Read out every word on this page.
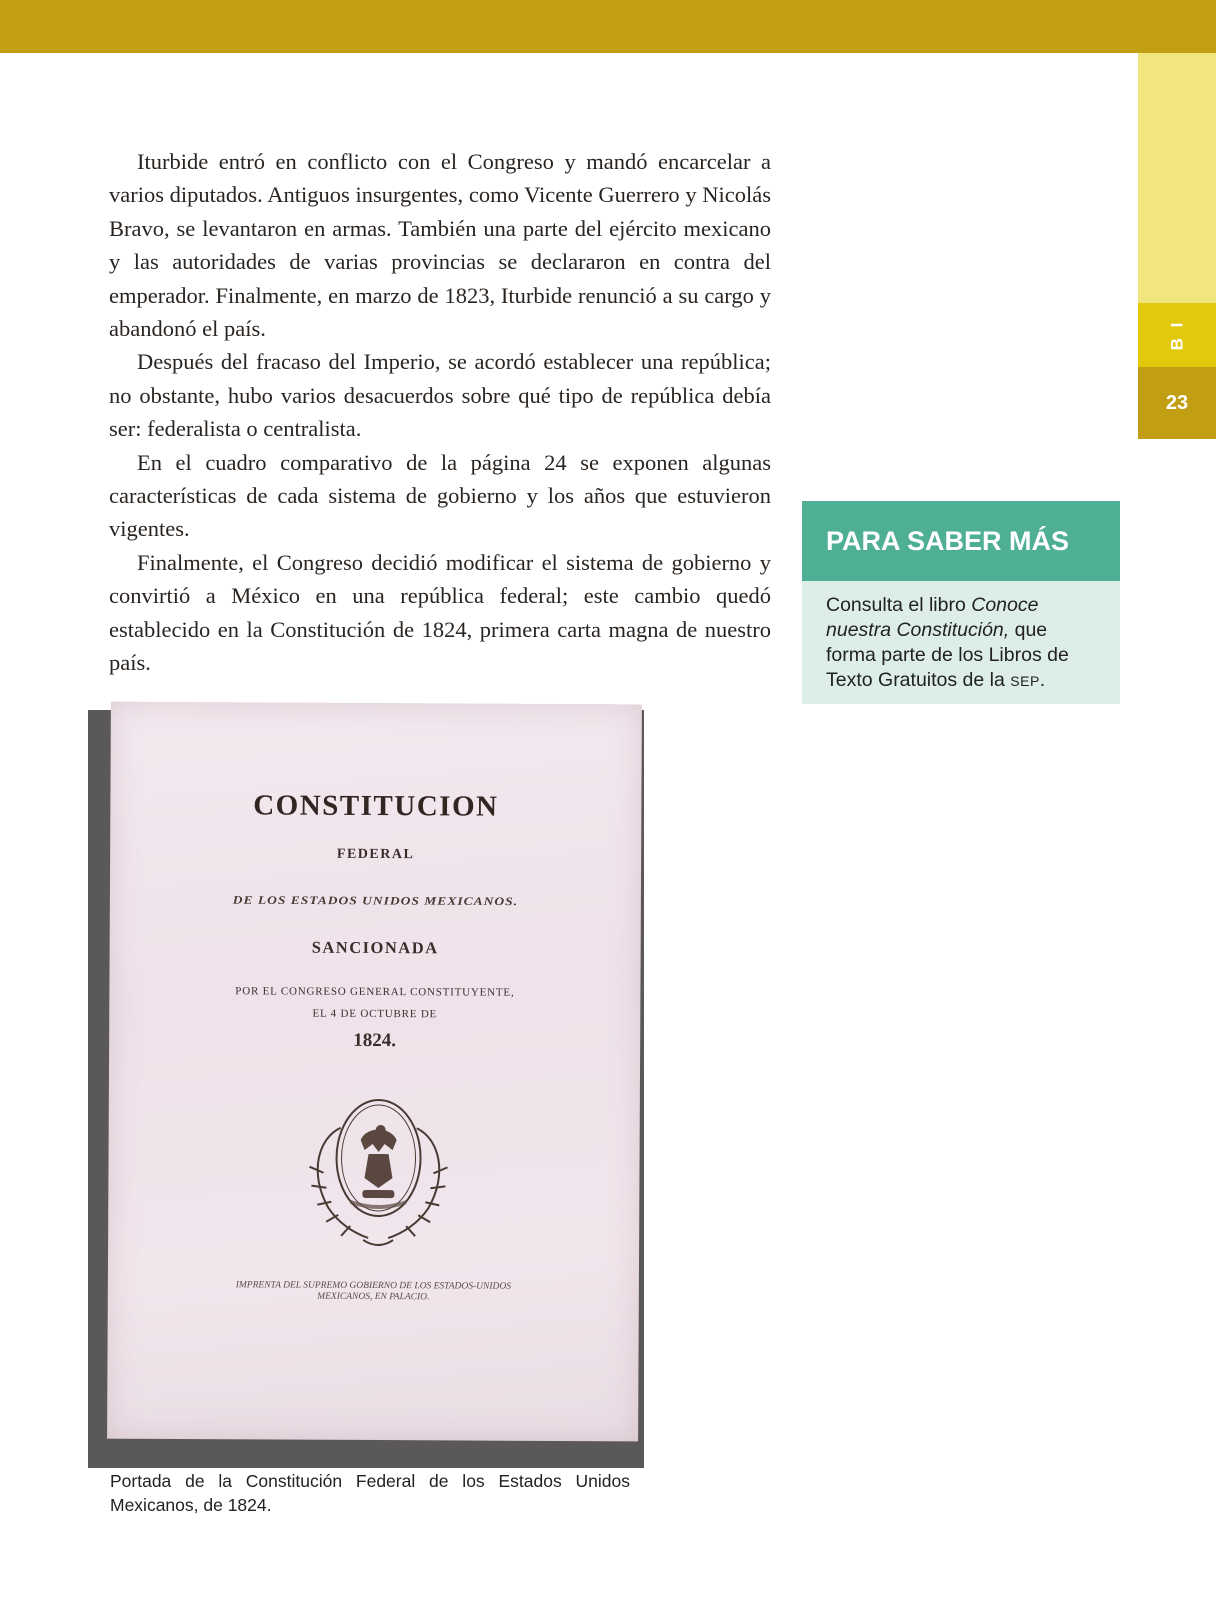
B I
23

Iturbide entró en conflicto con el Congreso y mandó encarcelar a varios diputados. Antiguos insurgentes, como Vicente Guerrero y Nicolás Bravo, se levantaron en armas. También una parte del ejército mexicano y las autoridades de varias provincias se declararon en contra del emperador. Finalmente, en marzo de 1823, Iturbide renunció a su cargo y abandonó el país.

Después del fracaso del Imperio, se acordó establecer una república; no obstante, hubo varios desacuerdos sobre qué tipo de república debía ser: federalista o centralista.

En el cuadro comparativo de la página 24 se exponen algunas características de cada sistema de gobierno y los años que estuvieron vigentes.

Finalmente, el Congreso decidió modificar el sistema de gobierno y convirtió a México en una república federal; este cambio quedó establecido en la Constitución de 1824, primera carta magna de nuestro país.

PARA SABER MÁS
Consulta el libro Conoce nuestra Constitución, que forma parte de los Libros de Texto Gratuitos de la SEP.
CONSTITUCION
FEDERAL
DE LOS ESTADOS UNIDOS MEXICANOS.
SANCIONADA
POR EL CONGRESO GENERAL CONSTITUYENTE,
EL 4 DE OCTUBRE DE
1824.
IMPRENTA DEL SUPREMO GOBIERNO DE LOS ESTADOS-UNIDOS
MEXICANOS, EN PALACIO.
Portada de la Constitución Federal de los Estados Unidos Mexicanos, de 1824.
